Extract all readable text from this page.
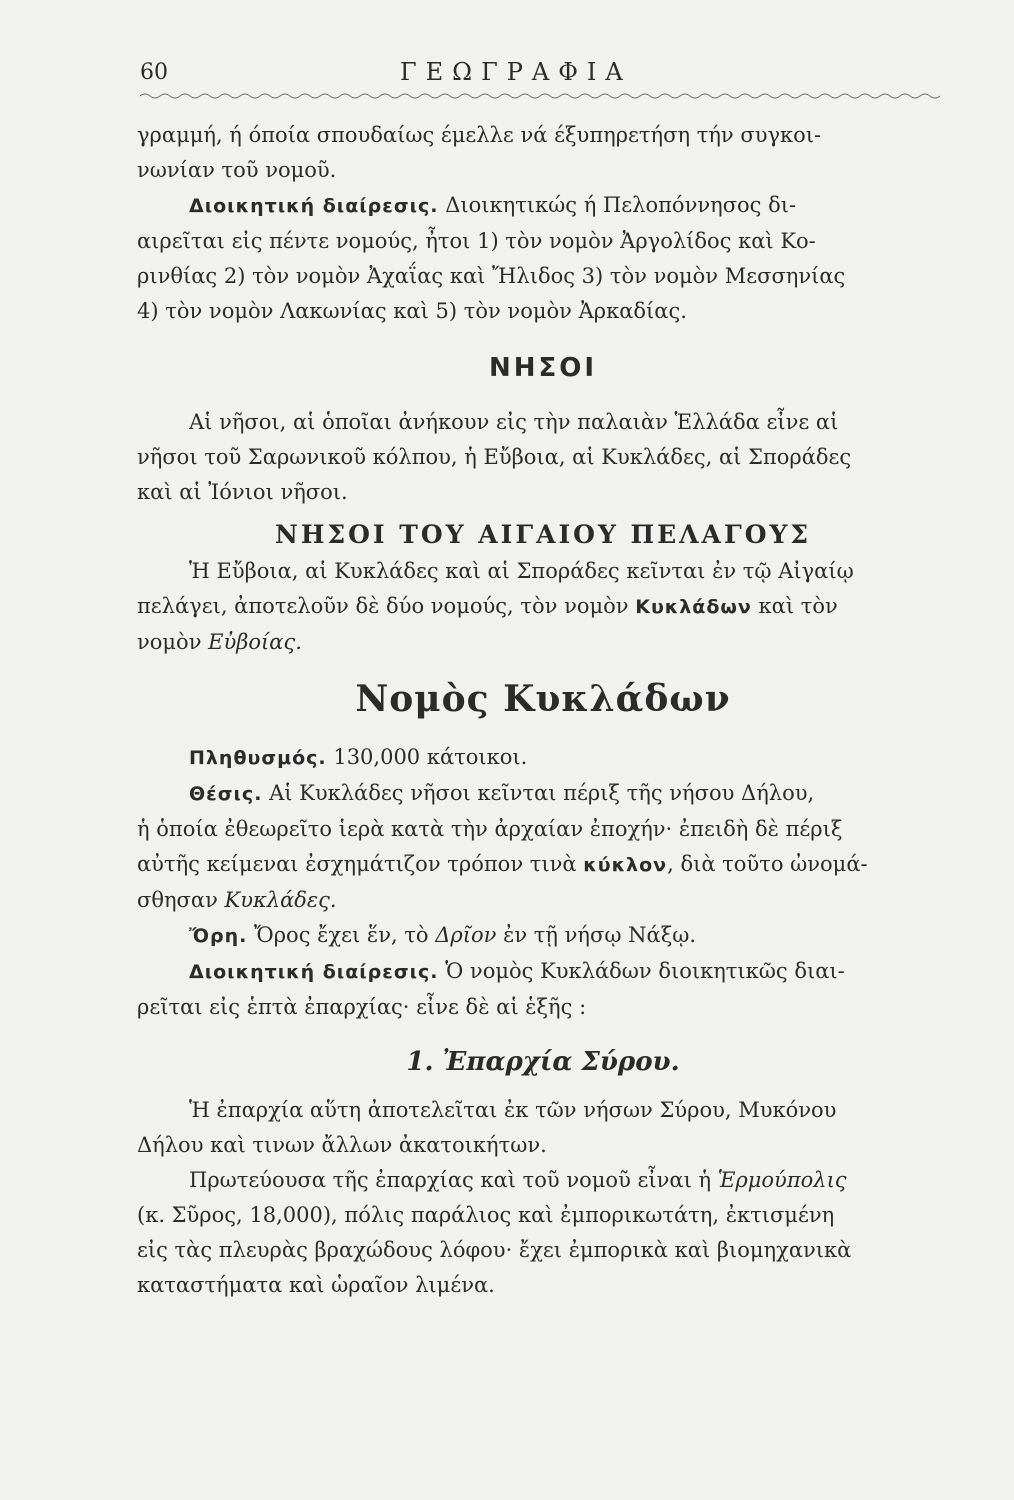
60	ΓΕΩΓΡΑΦΙΑ

γραμμή, ή όποία σπουδαίως έμελλε νά έξυπηρετήση τήν συγκοι-

νωνίαν τοῦ νομοῦ.

Διοικητική διαίρεσις. Διοικητικώς ή Πελοπόννησος δι-

αιρεῖται εἰς πέντε νομούς, ἦτοι 1) τὸν νομὸν Ἀργολίδος καὶ Κο-

ρινθίας 2) τὸν νομὸν Ἀχαΐας καὶ Ἤλιδος 3) τὸν νομὸν Μεσσηνίας

4) τὸν νομὸν Λακωνίας καὶ 5) τὸν νομὸν Ἀρκαδίας.

ΝΗΣΟΙ

Αἱ νῆσοι, αἱ ὁποῖαι ἀνήκουν εἰς τὴν παλαιὰν Ἑλλάδα εἶνε αἱ

νῆσοι τοῦ Σαρωνικοῦ κόλπου, ἡ Εὔβοια, αἱ Κυκλάδες, αἱ Σποράδες

καὶ αἱ Ἰόνιοι νῆσοι.

ΝΗΣΟΙ ΤΟΥ ΑΙΓΑΙΟΥ ΠΕΛΑΓΟΥΣ

Ἡ Εὔβοια, αἱ Κυκλάδες καὶ αἱ Σποράδες κεῖνται ἐν τῷ Αἰγαίῳ

πελάγει, ἀποτελοῦν δὲ δύο νομούς, τὸν νομὸν Κυκλάδων καὶ τὸν

νομὸν Εὐβοίας.

Νομὸς Κυκλάδων

Πληθυσμός. 130,000 κάτοικοι.

Θέσις. Αἱ Κυκλάδες νῆσοι κεῖνται πέριξ τῆς νήσου Δήλου,

ἡ ὁποία ἐθεωρεῖτο ἱερὰ κατὰ τὴν ἀρχαίαν ἐποχήν· ἐπειδὴ δὲ πέριξ

αὐτῆς κείμεναι ἐσχημάτιζον τρόπον τινὰ κύκλον, διὰ τοῦτο ὠνομά-

σθησαν Κυκλάδες.

Ὄρη. Ὄρος ἔχει ἕν, τὸ Δρῖον ἐν τῇ νήσῳ Νάξῳ.

Διοικητική διαίρεσις. Ὁ νομὸς Κυκλάδων διοικητικῶς διαι-

ρεῖται εἰς ἑπτὰ ἐπαρχίας· εἶνε δὲ αἱ ἑξῆς :

1. Ἐπαρχία Σύρου.

Ἡ ἐπαρχία αὕτη ἀποτελεῖται ἐκ τῶν νήσων Σύρου, Μυκόνου

Δήλου καὶ τινων ἄλλων ἀκατοικήτων.

Πρωτεύουσα τῆς ἐπαρχίας καὶ τοῦ νομοῦ εἶναι ἡ Ἑρμούπολις

(κ. Σῦρος, 18,000), πόλις παράλιος καὶ ἐμπορικωτάτη, ἐκτισμένη

εἰς τὰς πλευρὰς βραχώδους λόφου· ἔχει ἐμπορικὰ καὶ βιομηχανικὰ

καταστήματα καὶ ὡραῖον λιμένα.
